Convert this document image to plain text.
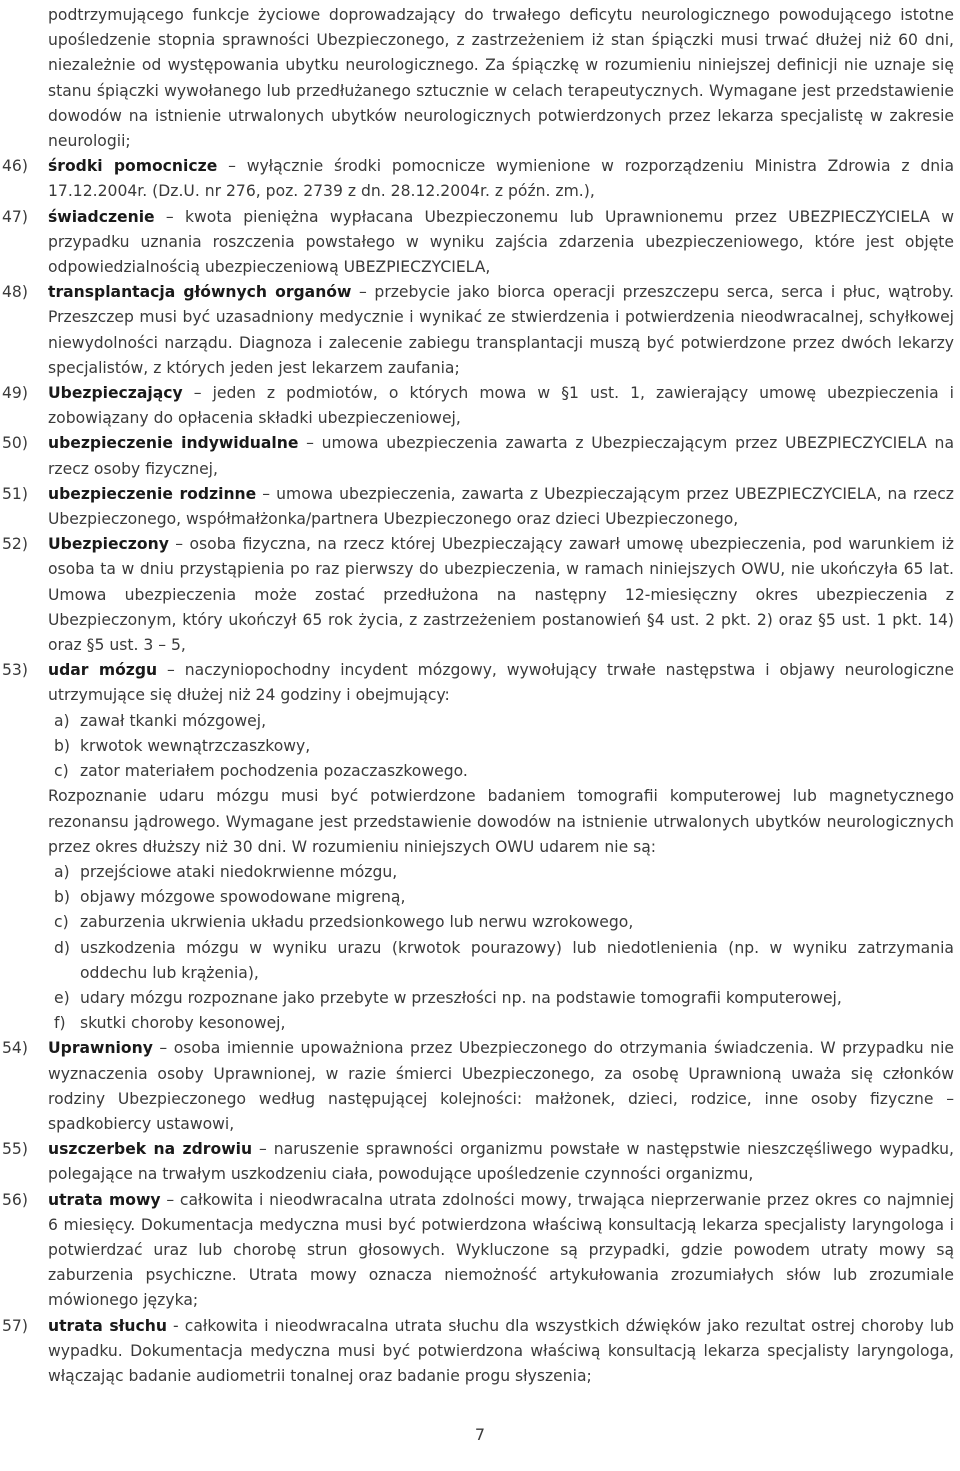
podtrzymującego funkcje życiowe doprowadzający do trwałego deficytu neurologicznego powodującego istotne upośledzenie stopnia sprawności Ubezpieczonego, z zastrzeżeniem iż stan śpiączki musi trwać dłużej niż 60 dni, niezależnie od występowania ubytku neurologicznego. Za śpiączkę w rozumieniu niniejszej definicji nie uznaje się stanu śpiączki wywołanego lub przedłużanego sztucznie w celach terapeutycznych. Wymagane jest przedstawienie dowodów na istnienie utrwalonych ubytków neurologicznych potwierdzonych przez lekarza specjalistę w zakresie neurologii;
46)	środki pomocnicze – wyłącznie środki pomocnicze wymienione w rozporządzeniu Ministra Zdrowia z dnia 17.12.2004r. (Dz.U. nr 276, poz. 2739 z dn. 28.12.2004r. z późn. zm.),
47)	świadczenie – kwota pieniężna wypłacana Ubezpieczonemu lub Uprawnionemu przez UBEZPIECZYCIELA w przypadku uznania roszczenia powstałego w wyniku zajścia zdarzenia ubezpieczeniowego, które jest objęte odpowiedzialnością ubezpieczeniową UBEZPIECZYCIELA,
48)	transplantacja głównych organów – przebycie jako biorca operacji przeszczepu serca, serca i płuc, wątroby. Przeszczep musi być uzasadniony medycznie i wynikać ze stwierdzenia i potwierdzenia nieodwracalnej, schyłkowej niewydolności narządu. Diagnoza i zalecenie zabiegu transplantacji muszą być potwierdzone przez dwóch lekarzy specjalistów, z których jeden jest lekarzem zaufania;
49)	Ubezpieczający – jeden z podmiotów, o których mowa w §1 ust. 1, zawierający umowę ubezpieczenia i zobowiązany do opłacenia składki ubezpieczeniowej,
50)	ubezpieczenie indywidualne – umowa ubezpieczenia zawarta z Ubezpieczającym przez UBEZPIECZYCIELA na rzecz osoby fizycznej,
51)	ubezpieczenie rodzinne – umowa ubezpieczenia, zawarta z Ubezpieczającym przez UBEZPIECZYCIELA, na rzecz Ubezpieczonego, współmałżonka/partnera Ubezpieczonego oraz dzieci Ubezpieczonego,
52)	Ubezpieczony – osoba fizyczna, na rzecz której Ubezpieczający zawarł umowę ubezpieczenia, pod warunkiem iż osoba ta w dniu przystąpienia po raz pierwszy do ubezpieczenia, w ramach niniejszych OWU, nie ukończyła 65 lat. Umowa ubezpieczenia może zostać przedłużona na następny 12-miesięczny okres ubezpieczenia z Ubezpieczonym, który ukończył 65 rok życia, z zastrzeżeniem postanowień §4 ust. 2 pkt. 2) oraz §5 ust. 1 pkt. 14) oraz §5 ust. 3 – 5,
53)	udar mózgu – naczyniopochodny incydent mózgowy, wywołujący trwałe następstwa i objawy neurologiczne utrzymujące się dłużej niż 24 godziny i obejmujący:
a) zawał tkanki mózgowej,
b) krwotok wewnątrzczaszkowy,
c) zator materiałem pochodzenia pozaczaszkowego.
Rozpoznanie udaru mózgu musi być potwierdzone badaniem tomografii komputerowej lub magnetycznego rezonansu jądrowego. Wymagane jest przedstawienie dowodów na istnienie utrwalonych ubytków neurologicznych przez okres dłuższy niż 30 dni. W rozumieniu niniejszych OWU udarem nie są:
a) przejściowe ataki niedokrwienne mózgu,
b) objawy mózgowe spowodowane migreną,
c) zaburzenia ukrwienia układu przedsionkowego lub nerwu wzrokowego,
d) uszkodzenia mózgu w wyniku urazu (krwotok pourazowy) lub niedotlenienia (np. w wyniku zatrzymania oddechu lub krążenia),
e) udary mózgu rozpoznane jako przebyte w przeszłości np. na podstawie tomografii komputerowej,
f) skutki choroby kesonowej,
54)	Uprawniony – osoba imiennie upoważniona przez Ubezpieczonego do otrzymania świadczenia. W przypadku nie wyznaczenia osoby Uprawnionej, w razie śmierci Ubezpieczonego, za osobę Uprawnioną uważa się członków rodziny Ubezpieczonego według następującej kolejności: małżonek, dzieci, rodzice, inne osoby fizyczne – spadkobiercy ustawowi,
55)	uszczerbek na zdrowiu – naruszenie sprawności organizmu powstałe w następstwie nieszczęśliwego wypadku, polegające na trwałym uszkodzeniu ciała, powodujące upośledzenie czynności organizmu,
56)	utrata mowy – całkowita i nieodwracalna utrata zdolności mowy, trwająca nieprzerwanie przez okres co najmniej 6 miesięcy. Dokumentacja medyczna musi być potwierdzona właściwą konsultacją lekarza specjalisty laryngologa i potwierdzać uraz lub chorobę strun głosowych. Wykluczone są przypadki, gdzie powodem utraty mowy są zaburzenia psychiczne. Utrata mowy oznacza niemożność artykułowania zrozumiałych słów lub zrozumiale mówionego języka;
57)	utrata słuchu - całkowita i nieodwracalna utrata słuchu dla wszystkich dźwięków jako rezultat ostrej choroby lub wypadku. Dokumentacja medyczna musi być potwierdzona właściwą konsultacją lekarza specjalisty laryngologa, włączając badanie audiometrii tonalnej oraz badanie progu słyszenia;
7
